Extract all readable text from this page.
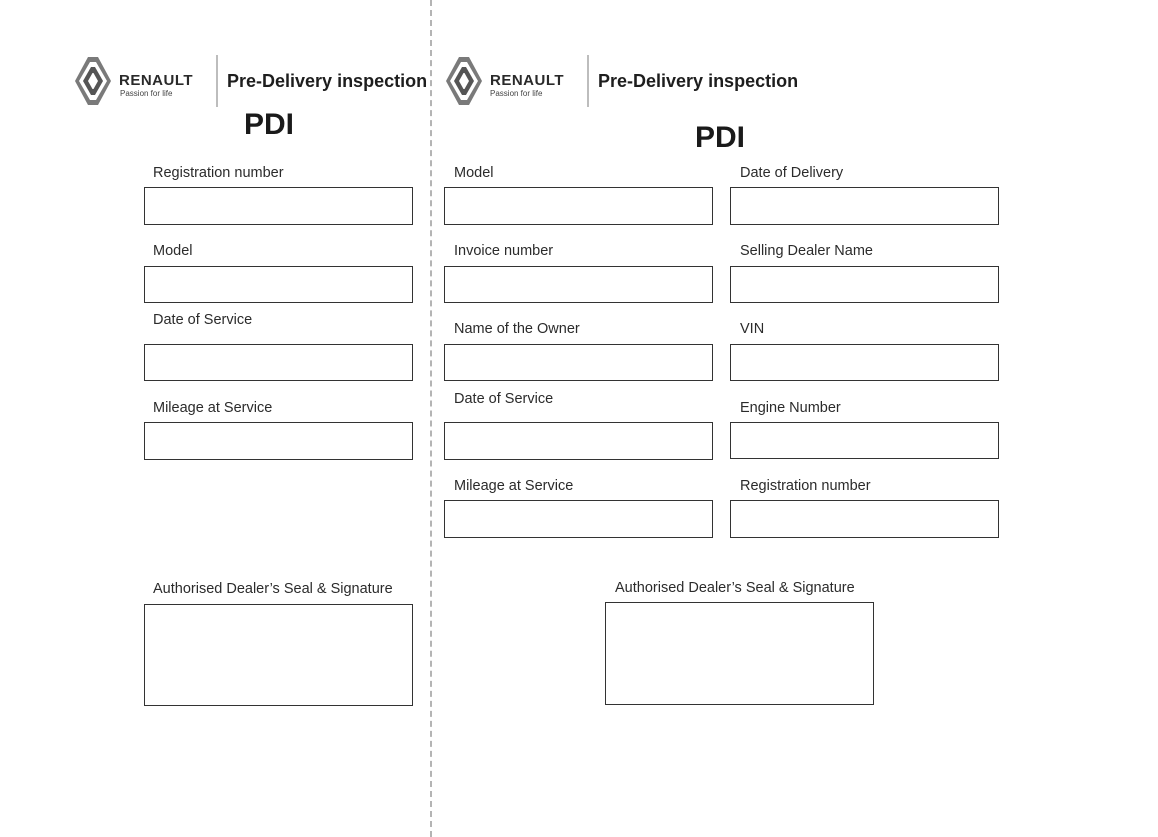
RENAULT
Passion for life
Pre-Delivery inspection
PDI
Registration number
Model
Date of Service
Mileage at Service
Authorised Dealer’s Seal & Signature
RENAULT
Passion for life
Pre-Delivery inspection
PDI
Model
Invoice number
Name of the Owner
Date of Service
Mileage at Service
Date of Delivery
Selling Dealer Name
VIN
Engine Number
Registration number
Authorised Dealer’s Seal & Signature
